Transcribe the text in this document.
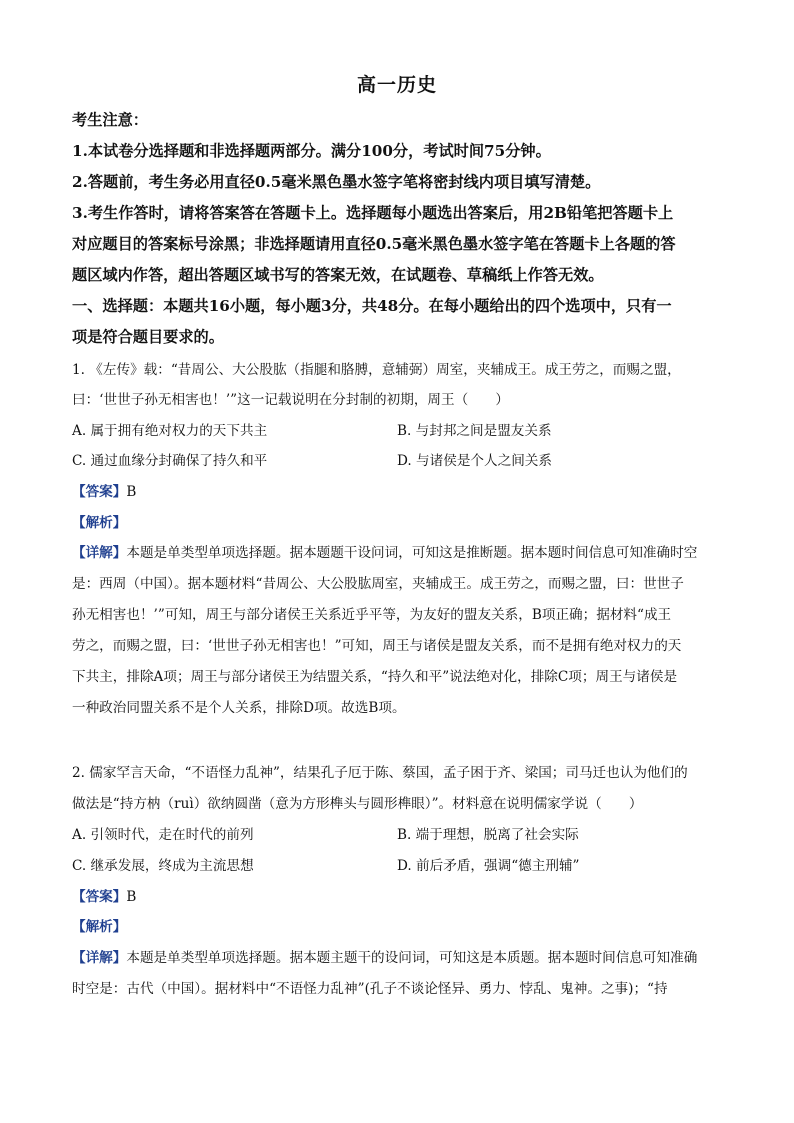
高一历史
考生注意：
1.本试卷分选择题和非选择题两部分。满分100分，考试时间75分钟。
2.答题前，考生务必用直径0.5毫米黑色墨水签字笔将密封线内项目填写清楚。
3.考生作答时，请将答案答在答题卡上。选择题每小题选出答案后，用2B铅笔把答题卡上
对应题目的答案标号涂黑；非选择题请用直径0.5毫米黑色墨水签字笔在答题卡上各题的答
题区域内作答，超出答题区域书写的答案无效，在试题卷、草稿纸上作答无效。
一、选择题：本题共16小题，每小题3分，共48分。在每小题给出的四个选项中，只有一
项是符合题目要求的。
1. 《左传》载：“昔周公、大公股肱（指腿和胳膊，意辅弼）周室，夹辅成王。成王劳之，而赐之盟，
曰：‘世世子孙无相害也！’”这一记载说明在分封制的初期，周王（　　）
A. 属于拥有绝对权力的天下共主	B. 与封邦之间是盟友关系
C. 通过血缘分封确保了持久和平	D. 与诸侯是个人之间关系
【答案】B
【解析】
【详解】本题是单类型单项选择题。据本题题干设问词，可知这是推断题。据本题时间信息可知准确时空
是：西周（中国）。据本题材料“昔周公、大公股肱周室，夹辅成王。成王劳之，而赐之盟，曰：世世子
孙无相害也！’”可知，周王与部分诸侯王关系近乎平等，为友好的盟友关系，B项正确；据材料“成王
劳之，而赐之盟，曰：‘世世子孙无相害也！”可知，周王与诸侯是盟友关系，而不是拥有绝对权力的天
下共主，排除A项；周王与部分诸侯王为结盟关系，“持久和平”说法绝对化，排除C项；周王与诸侯是
一种政治同盟关系不是个人关系，排除D项。故选B项。
2. 儒家罕言天命，“不语怪力乱神”，结果孔子厄于陈、蔡国，孟子困于齐、梁国；司马迁也认为他们的
做法是“持方枘（ruì）欲纳圆凿（意为方形榫头与圆形榫眼）”。材料意在说明儒家学说（　　）
A. 引领时代，走在时代的前列	B. 端于理想，脱离了社会实际
C. 继承发展，终成为主流思想	D. 前后矛盾，强调“德主刑辅”
【答案】B
【解析】
【详解】本题是单类型单项选择题。据本题主题干的设问词，可知这是本质题。据本题时间信息可知准确
时空是：古代（中国）。据材料中“不语怪力乱神”(孔子不谈论怪异、勇力、悖乱、鬼神。之事)；“持
